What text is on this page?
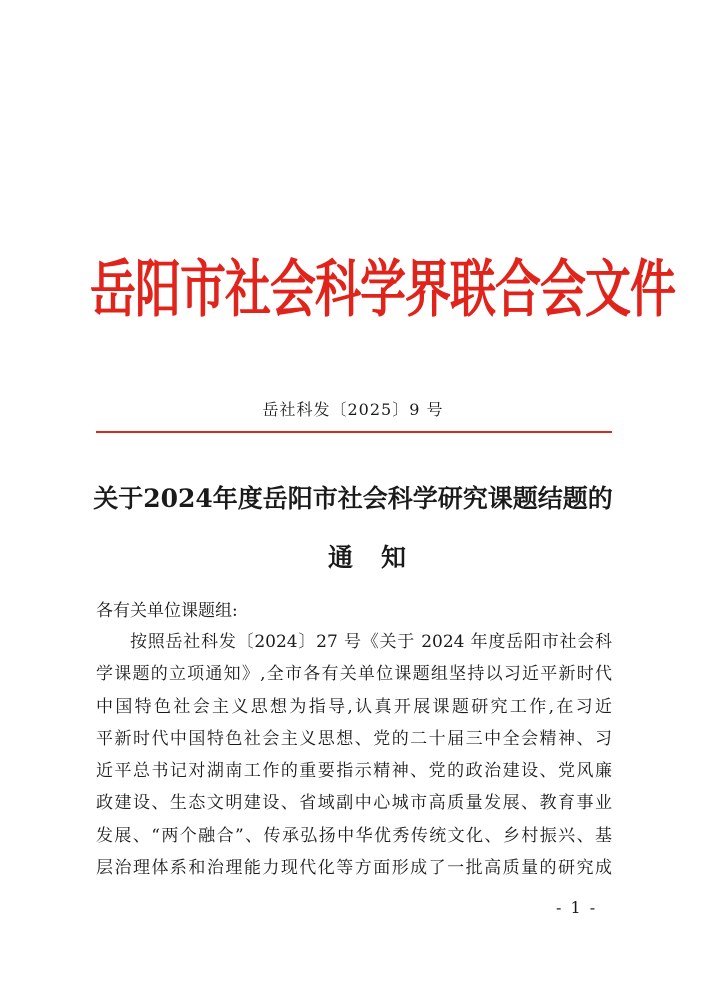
岳阳市社会科学界联合会文件
岳社科发〔2025〕9 号
关于2024年度岳阳市社会科学研究课题结题的
通知
各有关单位课题组:
按照岳社科发〔2024〕27 号《关于 2024 年度岳阳市社会科
学课题的立项通知》,全市各有关单位课题组坚持以习近平新时代
中国特色社会主义思想为指导,认真开展课题研究工作,在习近
平新时代中国特色社会主义思想、党的二十届三中全会精神、习
近平总书记对湖南工作的重要指示精神、党的政治建设、党风廉
政建设、生态文明建设、省域副中心城市高质量发展、教育事业
发展、“两个融合”、传承弘扬中华优秀传统文化、乡村振兴、基
层治理体系和治理能力现代化等方面形成了一批高质量的研究成
- 1 -
